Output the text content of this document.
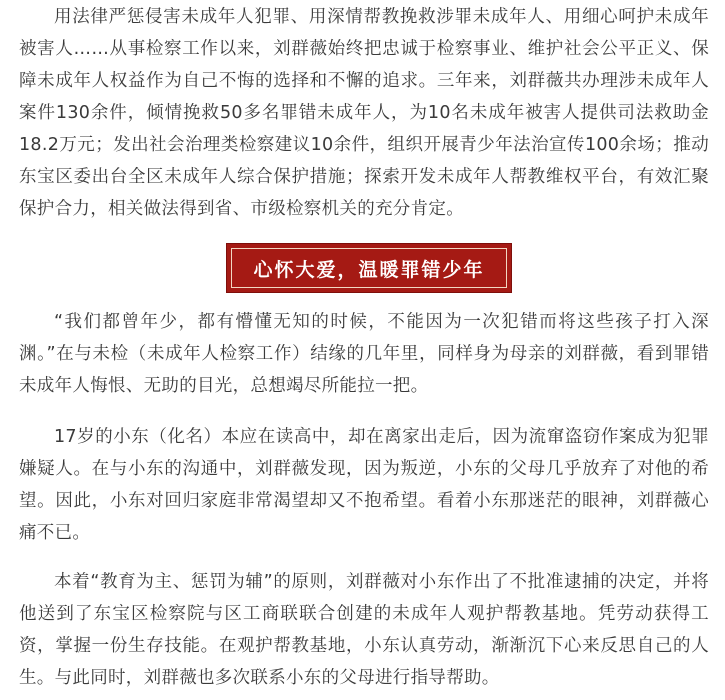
用法律严惩侵害未成年人犯罪、用深情帮教挽救涉罪未成年人、用细心呵护未成年被害人……从事检察工作以来，刘群薇始终把忠诚于检察事业、维护社会公平正义、保障未成年人权益作为自己不悔的选择和不懈的追求。三年来，刘群薇共办理涉未成年人案件130余件，倾情挽救50多名罪错未成年人，为10名未成年被害人提供司法救助金18.2万元；发出社会治理类检察建议10余件，组织开展青少年法治宣传100余场；推动东宝区委出台全区未成年人综合保护措施；探索开发未成年人帮教维权平台，有效汇聚保护合力，相关做法得到省、市级检察机关的充分肯定。

心怀大爱，温暖罪错少年

“我们都曾年少，都有懵懂无知的时候，不能因为一次犯错而将这些孩子打入深渊。”在与未检（未成年人检察工作）结缘的几年里，同样身为母亲的刘群薇，看到罪错未成年人悔恨、无助的目光，总想竭尽所能拉一把。

17岁的小东（化名）本应在读高中，却在离家出走后，因为流窜盗窃作案成为犯罪嫌疑人。在与小东的沟通中，刘群薇发现，因为叛逆，小东的父母几乎放弃了对他的希望。因此，小东对回归家庭非常渴望却又不抱希望。看着小东那迷茫的眼神，刘群薇心痛不已。

本着“教育为主、惩罚为辅”的原则，刘群薇对小东作出了不批准逮捕的决定，并将他送到了东宝区检察院与区工商联联合创建的未成年人观护帮教基地。凭劳动获得工资，掌握一份生存技能。在观护帮教基地，小东认真劳动，渐渐沉下心来反思自己的人生。与此同时，刘群薇也多次联系小东的父母进行指导帮助。
